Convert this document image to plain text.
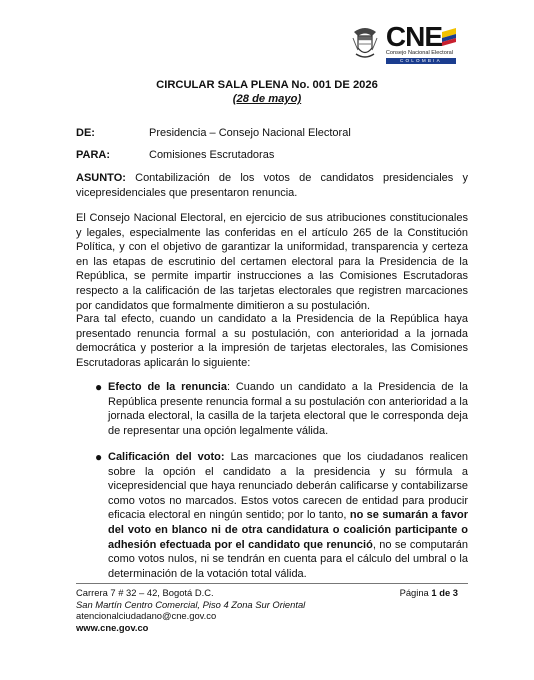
CNE
Consejo Nacional Electoral
COLOMBIA
CIRCULAR SALA PLENA No. 001 DE 2026
(28 de mayo)
DE:	Presidencia – Consejo Nacional Electoral
PARA:	Comisiones Escrutadoras
ASUNTO: Contabilización de los votos de candidatos presidenciales y vicepresidenciales que presentaron renuncia.
El Consejo Nacional Electoral, en ejercicio de sus atribuciones constitucionales y legales, especialmente las conferidas en el artículo 265 de la Constitución Política, y con el objetivo de garantizar la uniformidad, transparencia y certeza en las etapas de escrutinio del certamen electoral para la Presidencia de la República, se permite impartir instrucciones a las Comisiones Escrutadoras respecto a la calificación de las tarjetas electorales que registren marcaciones por candidatos que formalmente dimitieron a su postulación.
Para tal efecto, cuando un candidato a la Presidencia de la República haya presentado renuncia formal a su postulación, con anterioridad a la jornada democrática y posterior a la impresión de tarjetas electorales, las Comisiones Escrutadoras aplicarán lo siguiente:
● Efecto de la renuncia: Cuando un candidato a la Presidencia de la República presente renuncia formal a su postulación con anterioridad a la jornada electoral, la casilla de la tarjeta electoral que le corresponda deja de representar una opción legalmente válida.
● Calificación del voto: Las marcaciones que los ciudadanos realicen sobre la opción el candidato a la presidencia y su fórmula a vicepresidencial que haya renunciado deberán calificarse y contabilizarse como votos no marcados. Estos votos carecen de entidad para producir eficacia electoral en ningún sentido; por lo tanto, no se sumarán a favor del voto en blanco ni de otra candidatura o coalición participante o adhesión efectuada por el candidato que renunció, no se computarán como votos nulos, ni se tendrán en cuenta para el cálculo del umbral o la determinación de la votación total válida.
Carrera 7 # 32 – 42, Bogotá D.C.
San Martín Centro Comercial, Piso 4 Zona Sur Oriental
atencionalciudadano@cne.gov.co
www.cne.gov.co
Página 1 de 3
